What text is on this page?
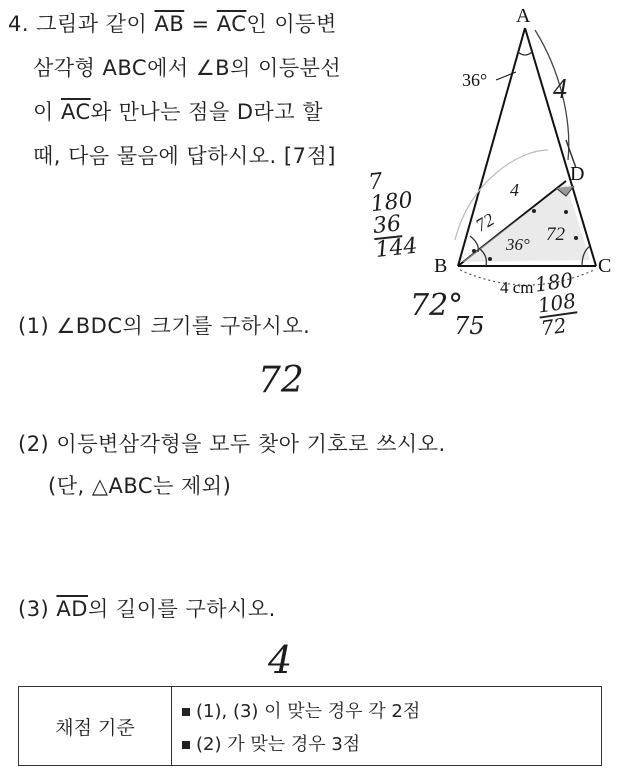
4. 그림과 같이 $\overline{AB} = \overline{AC}$인 이등변
삼각형 ABC에서 ∠B의 이등분선
이 $\overline{AC}$와 만나는 점을 D라고 할
때, 다음 물음에 답하시오. [7점]
A
B	C
D
36°
4 cm
4
72
36° 72
4
7
180
36
144
72°
75
180
108
72
(1) ∠BDC의 크기를 구하시오.
72
(2) 이등변삼각형을 모두 찾아 기호로 쓰시오.
(단, △ABC는 제외)
(3) $\overline{AD}$의 길이를 구하시오.
4
채점 기준
(1), (3) 이 맞는 경우 각 2점
(2) 가 맞는 경우 3점
